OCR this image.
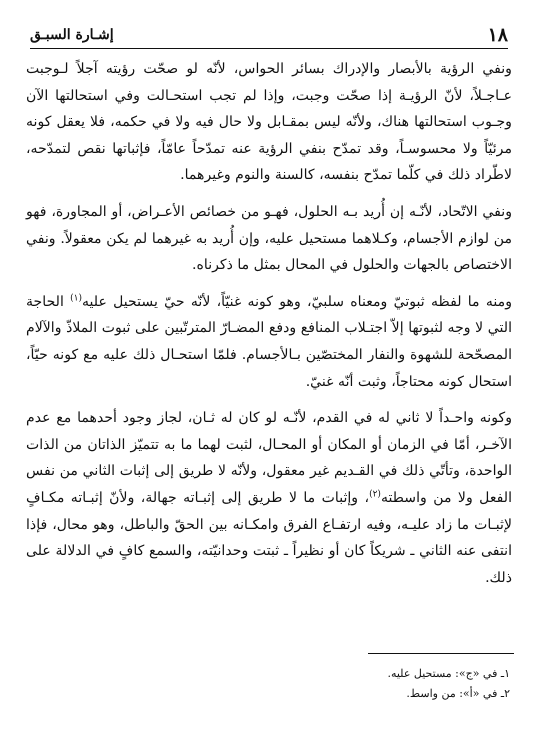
١٨
إشـارة السبـق

ونفي الرؤية بالأبصار والإدراك بسائر الحواس، لأنّه لو صحّت رؤيته آجلاً لـوجبت عـاجـلاً، لأنّ الرؤيـة إذا صحّت وجبت، وإذا لم تجب استحـالت وفي استحالتها الآن وجـوب استحالتها هناك، ولأنّه ليس بمقـابل ولا حال فيه ولا في حكمه، فلا يعقل كونه مرئيّاً ولا محسوسـاً، وقد تمدّح بنفي الرؤية عنه تمدّحاً عامّاً، فإثباتها نقص لتمدّحه، لاطّراد ذلك في كلّما تمدّح بنفسه، كالسنة والنوم وغيرهما.

ونفي الاتّحاد، لأنّـه إن أُريد بـه الحلول، فهـو من خصائص الأعـراض، أو المجاورة، فهو من لوازم الأجسام، وكـلاهما مستحيل عليه، وإن أُريد به غيرهما لم يكن معقولاً. ونفي الاختصاص بالجهات والحلول في المحال بمثل ما ذكرناه.

ومنه ما لفظه ثبوتيّ ومعناه سلبيّ، وهو كونه غنيّاً، لأنّه حيّ يستحيل عليه$^{(١)}$ الحاجة التي لا وجه لثبوتها إلاّ اجتـلاب المنافع ودفع المضـارّ المترتّبين على ثبوت الملاذّ والآلام المصحّحة للشهوة والنفار المختصّين بـالأجسام. فلمّا استحـال ذلك عليه مع كونه حيّاً، استحال كونه محتاجاً، وثبت أنّه غنيّ.

وكونه واحـداً لا ثاني له في القدم، لأنّـه لو كان له ثـان، لجاز وجود أحدهما مع عدم الآخـر، أمّا في الزمان أو المكان أو المحـال، لثبت لهما ما به تتميّز الذاتان من الذات الواحدة، وتأتّي ذلك في القـديم غير معقول، ولأنّه لا طريق إلى إثبات الثاني من نفس الفعل ولا من واسطته$^{(٢)}$، وإثبات ما لا طريق إلى إثبـاته جهالة، ولأنّ إثبـاته مكـافٍ لإثبـات ما زاد عليـه، وفيه ارتفـاع الفرق وامكـانه بين الحقّ والباطل، وهو محال، فإذا انتفى عنه الثاني ـ شريكاً كان أو نظيراً ـ ثبتت وحدانيّته، والسمع كافٍ في الدلالة على ذلك.

١ـ في «ج»: مستحيل عليه.
٢ـ في «أ»: من واسط.
